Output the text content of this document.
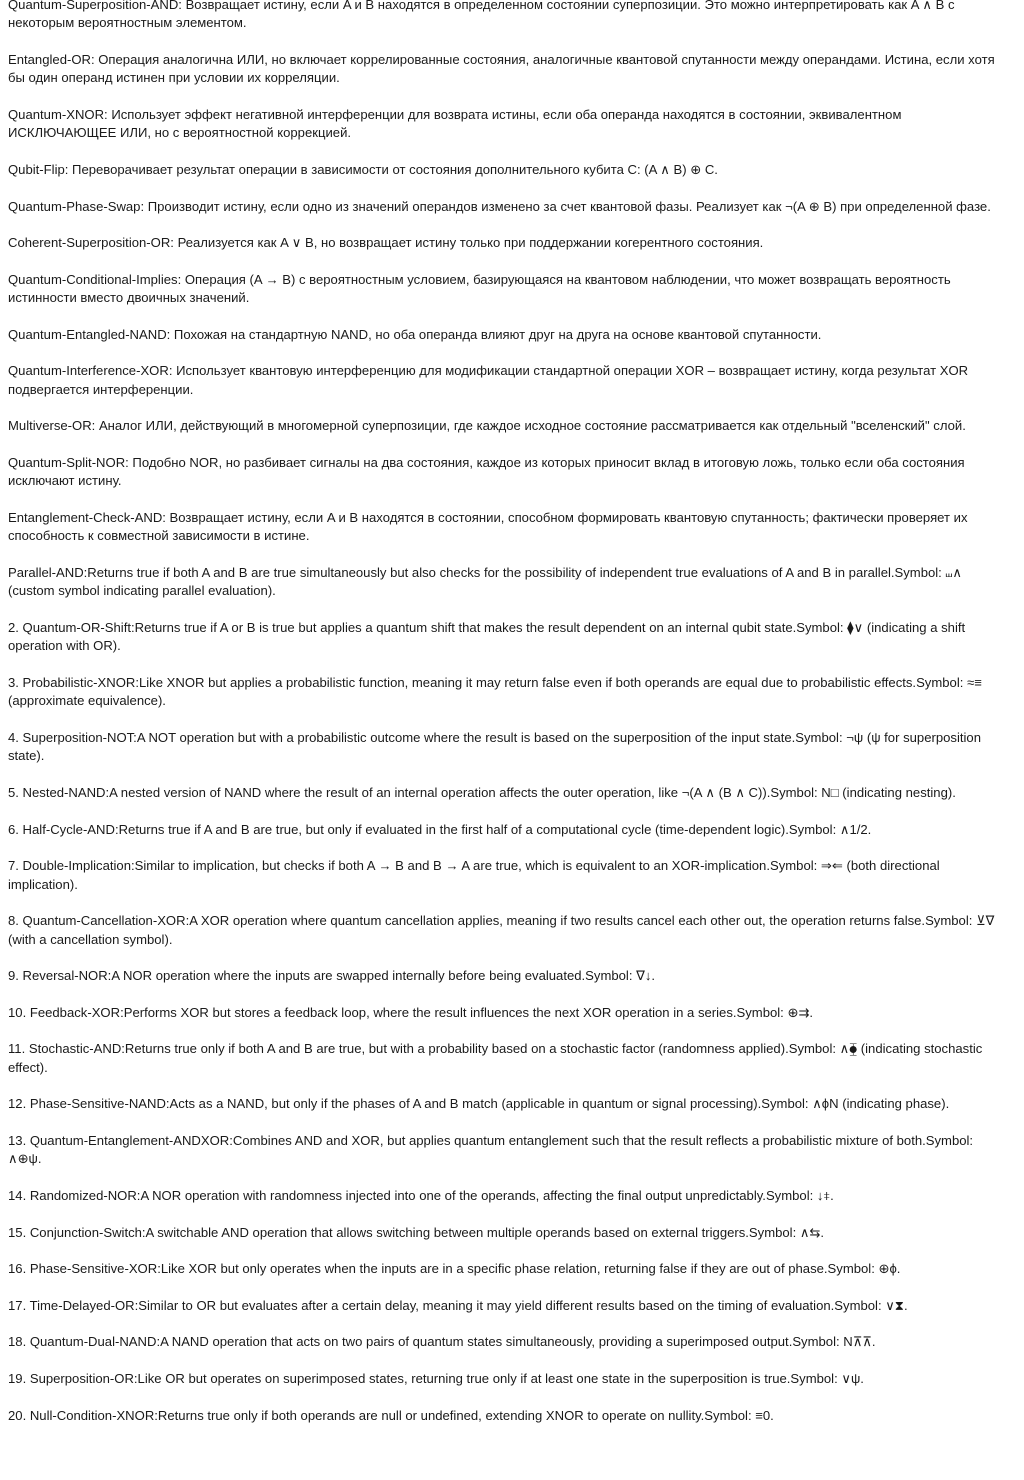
Quantum-Superposition-AND: Возвращает истину, если A и B находятся в определенном состоянии суперпозиции. Это можно интерпретировать как A ∧ B с некоторым вероятностным элементом.

Entangled-OR: Операция аналогична ИЛИ, но включает коррелированные состояния, аналогичные квантовой спутанности между операндами. Истина, если хотя бы один операнд истинен при условии их корреляции.

Quantum-XNOR: Использует эффект негативной интерференции для возврата истины, если оба операнда находятся в состоянии, эквивалентном ИСКЛЮЧАЮЩЕЕ ИЛИ, но с вероятностной коррекцией.

Qubit-Flip: Переворачивает результат операции в зависимости от состояния дополнительного кубита C: (A ∧ B) ⊕ C.

Quantum-Phase-Swap: Производит истину, если одно из значений операндов изменено за счет квантовой фазы. Реализует как ¬(A ⊕ B) при определенной фазе.

Coherent-Superposition-OR: Реализуется как A ∨ B, но возвращает истину только при поддержании когерентного состояния.

Quantum-Conditional-Implies: Операция (A → B) с вероятностным условием, базирующаяся на квантовом наблюдении, что может возвращать вероятность истинности вместо двоичных значений.

Quantum-Entangled-NAND: Похожая на стандартную NAND, но оба операнда влияют друг на друга на основе квантовой спутанности.

Quantum-Interference-XOR: Использует квантовую интерференцию для модификации стандартной операции XOR – возвращает истину, когда результат XOR подвергается интерференции.

Multiverse-OR: Аналог ИЛИ, действующий в многомерной суперпозиции, где каждое исходное состояние рассматривается как отдельный "вселенский" слой.

Quantum-Split-NOR: Подобно NOR, но разбивает сигналы на два состояния, каждое из которых приносит вклад в итоговую ложь, только если оба состояния исключают истину.

Entanglement-Check-AND: Возвращает истину, если A и B находятся в состоянии, способном формировать квантовую спутанность; фактически проверяет их способность к совместной зависимости в истине.

Parallel-AND:Returns true if both A and B are true simultaneously but also checks for the possibility of independent true evaluations of A and B in parallel.Symbol: ⧢∧ (custom symbol indicating parallel evaluation).

2. Quantum-OR-Shift:Returns true if A or B is true but applies a quantum shift that makes the result dependent on an internal qubit state.Symbol: ⧫∨ (indicating a shift operation with OR).

3. Probabilistic-XNOR:Like XNOR but applies a probabilistic function, meaning it may return false even if both operands are equal due to probabilistic effects.Symbol: ≈≡ (approximate equivalence).

4. Superposition-NOT:A NOT operation but with a probabilistic outcome where the result is based on the superposition of the input state.Symbol: ¬ψ (ψ for superposition state).

5. Nested-NAND:A nested version of NAND where the result of an internal operation affects the outer operation, like ¬(A ∧ (B ∧ C)).Symbol: N□ (indicating nesting).

6. Half-Cycle-AND:Returns true if A and B are true, but only if evaluated in the first half of a computational cycle (time-dependent logic).Symbol: ∧1/2.

7. Double-Implication:Similar to implication, but checks if both A → B and B → A are true, which is equivalent to an XOR-implication.Symbol: ⇒⇐ (both directional implication).

8. Quantum-Cancellation-XOR:A XOR operation where quantum cancellation applies, meaning if two results cancel each other out, the operation returns false.Symbol: ⊻∇ (with a cancellation symbol).

9. Reversal-NOR:A NOR operation where the inputs are swapped internally before being evaluated.Symbol: ∇↓.

10. Feedback-XOR:Performs XOR but stores a feedback loop, where the result influences the next XOR operation in a series.Symbol: ⊕⇉.

11. Stochastic-AND:Returns true only if both A and B are true, but with a probability based on a stochastic factor (randomness applied).Symbol: ∧⧳ (indicating stochastic effect).

12. Phase-Sensitive-NAND:Acts as a NAND, but only if the phases of A and B match (applicable in quantum or signal processing).Symbol: ∧ϕN (indicating phase).

13. Quantum-Entanglement-ANDXOR:Combines AND and XOR, but applies quantum entanglement such that the result reflects a probabilistic mixture of both.Symbol: ∧⊕ψ.

14. Randomized-NOR:A NOR operation with randomness injected into one of the operands, affecting the final output unpredictably.Symbol: ↓⧧.

15. Conjunction-Switch:A switchable AND operation that allows switching between multiple operands based on external triggers.Symbol: ∧⇆.

16. Phase-Sensitive-XOR:Like XOR but only operates when the inputs are in a specific phase relation, returning false if they are out of phase.Symbol: ⊕ϕ.

17. Time-Delayed-OR:Similar to OR but evaluates after a certain delay, meaning it may yield different results based on the timing of evaluation.Symbol: ∨⧗.

18. Quantum-Dual-NAND:A NAND operation that acts on two pairs of quantum states simultaneously, providing a superimposed output.Symbol: N⊼⊼.

19. Superposition-OR:Like OR but operates on superimposed states, returning true only if at least one state in the superposition is true.Symbol: ∨ψ.

20. Null-Condition-XNOR:Returns true only if both operands are null or undefined, extending XNOR to operate on nullity.Symbol: ≡0.
